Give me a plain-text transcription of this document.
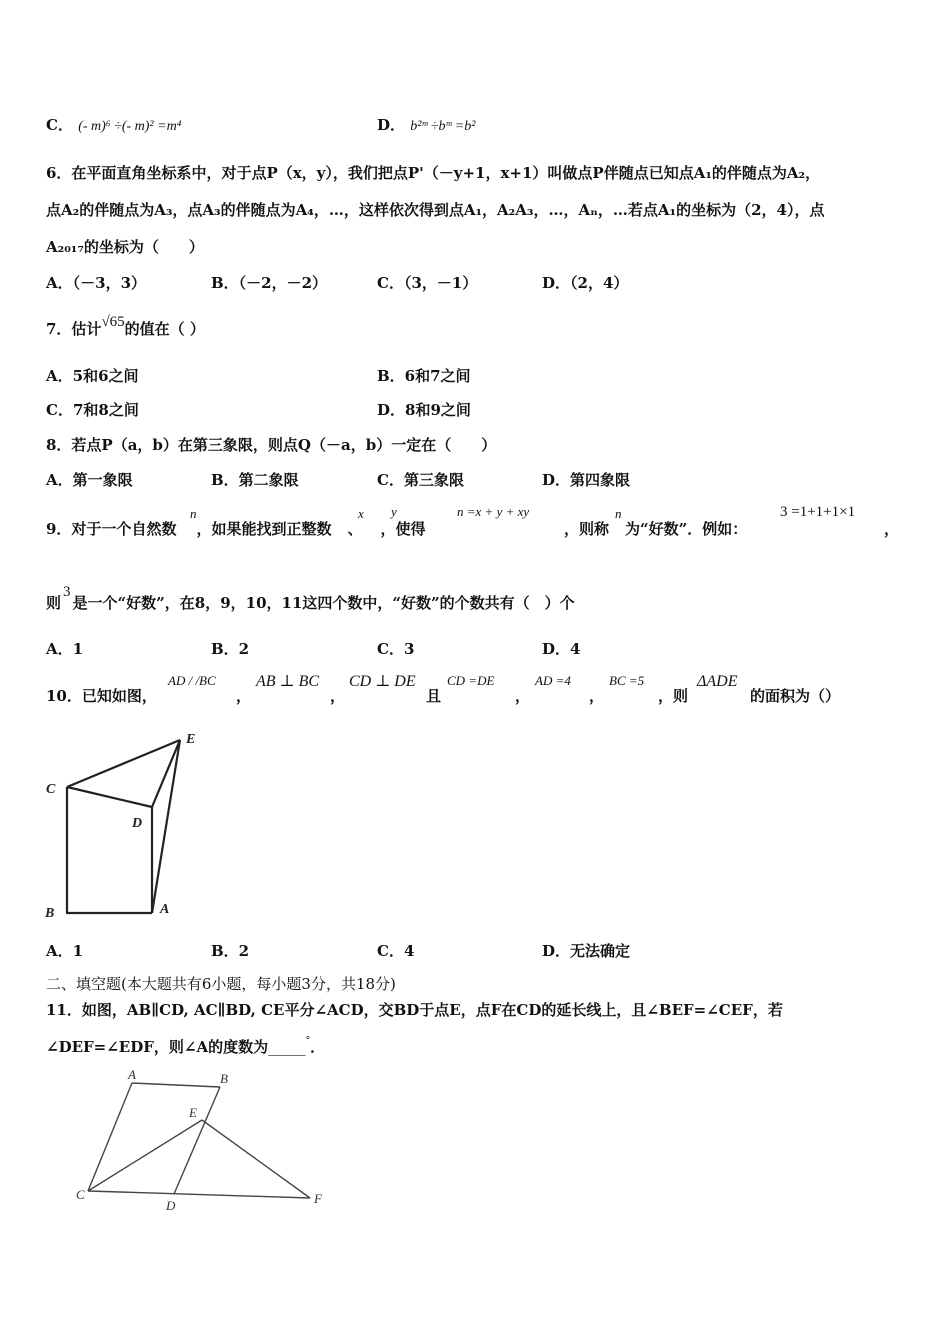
C． (- m)⁶ ÷(- m)² =m⁴	D． b²ᵐ ÷bᵐ =b²
6．在平面直角坐标系中，对于点P（x，y），我们把点P'（－y+1，x+1）叫做点P伴随点已知点A₁的伴随点为A₂，
点A₂的伴随点为A₃，点A₃的伴随点为A₄，…，这样依次得到点A₁，A₂A₃，…，Aₙ，…若点A₁的坐标为（2，4），点
A₂₀₁₇的坐标为（　　）
A．（－3，3）	B．（－2，－2）	C．（3，－1）	D．（2，4）
7．估计√65的值在（ ）
A．5和6之间	B．6和7之间
C．7和8之间	D．8和9之间
8．若点P（a，b）在第三象限，则点Q（－a，b）一定在（　　）
A．第一象限	B．第二象限	C．第三象限	D．第四象限
9．对于一个自然数 ，如果能找到正整数 、 ，使得
n	x y	n =x + y + xy
，则称 为“好数”．例如：
n	3 =1+1+1×1
，
则3是一个“好数”，在8，9，10，11这四个数中，“好数”的个数共有（　）个
A．1	B．2	C．3	D．4
10．已知如图，
AD / /BC
，
AB ⊥ BC
，
CD ⊥ DE
且
CD =DE
，
AD =4
，
BC =5
，则
ΔADE
的面积为（）
E
C
D
B	A
A．1	B．2	C．4	D．无法确定
二、填空题(本大题共有6小题，每小题3分，共18分)
11．如图，AB∥CD, AC∥BD, CE平分∠ACD，交BD于点E，点F在CD的延长线上，且∠BEF=∠CEF，若
∠DEF=∠EDF，则∠A的度数为_____°．
A	B
E
C
D	F
